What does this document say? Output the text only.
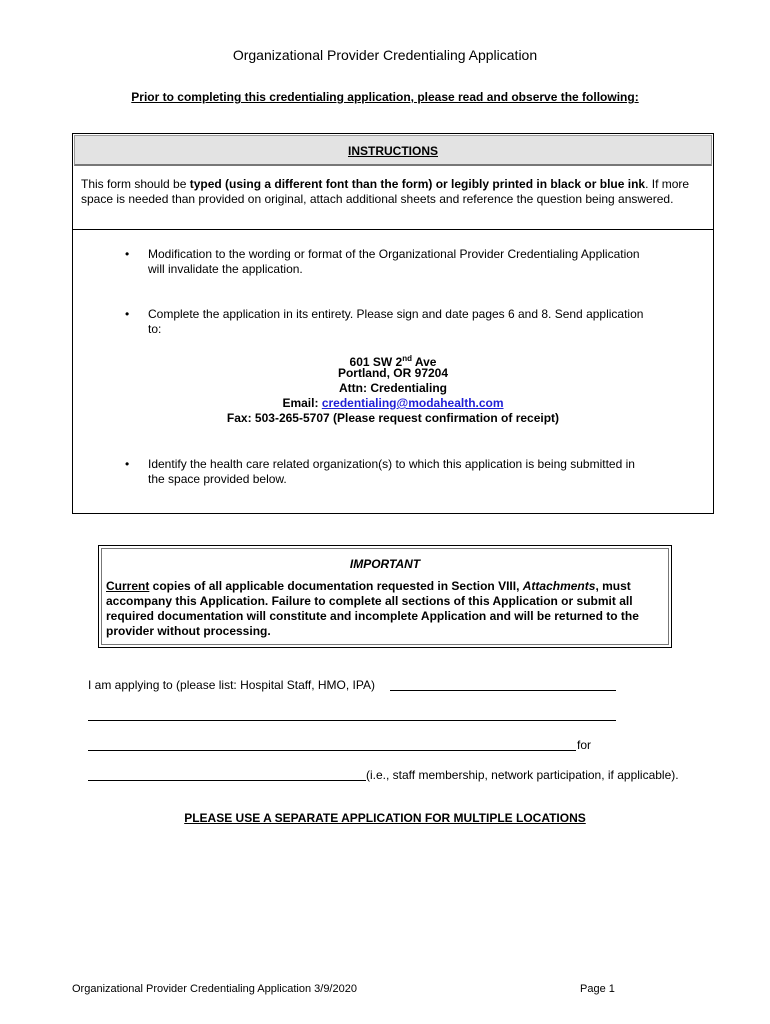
Organizational Provider Credentialing Application
Prior to completing this credentialing application, please read and observe the following:
INSTRUCTIONS
This form should be typed (using a different font than the form) or legibly printed in black or blue ink. If more space is needed than provided on original, attach additional sheets and reference the question being answered.
•	Modification to the wording or format of the Organizational Provider Credentialing Application will invalidate the application.
•	Complete the application in its entirety. Please sign and date pages 6 and 8. Send application to:
601 SW 2nd Ave
Portland, OR 97204
Attn: Credentialing
Email: credentialing@modahealth.com
Fax: 503-265-5707 (Please request confirmation of receipt)
•	Identify the health care related organization(s) to which this application is being submitted in the space provided below.
IMPORTANT
Current copies of all applicable documentation requested in Section VIII, Attachments, must accompany this Application. Failure to complete all sections of this Application or submit all required documentation will constitute and incomplete Application and will be returned to the provider without processing.
I am applying to (please list: Hospital Staff, HMO, IPA)
for
(i.e., staff membership, network participation, if applicable).
PLEASE USE A SEPARATE APPLICATION FOR MULTIPLE LOCATIONS
Organizational Provider Credentialing Application 3/9/2020	Page 1
